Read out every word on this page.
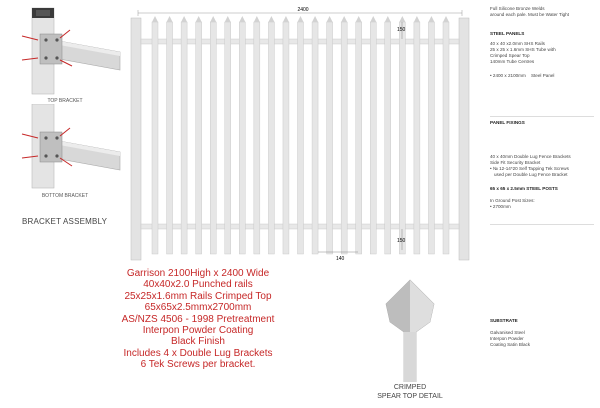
TOP BRACKET
BOTTOM BRACKET
BRACKET ASSEMBLY
2400
150
150
140
Garrison 2100High x 2400 Wide
40x40x2.0 Punched rails
25x25x1.6mm Rails Crimped Top
65x65x2.5mmx2700mm
AS/NZS 4506 - 1998 Pretreatment
Interpon Powder Coating
Black Finish
Includes 4 x Double Lug Brackets
6 Tek Screws per bracket.
CRIMPED
SPEAR TOP DETAIL
Full Silicone Bronze Welds
around each pale. Must be Water Tight
STEEL PANELS
40 x 40 x2.0mm SHS Rails
25 x 25 x 1.6mm SHS Tube with
Crimped Spear Top
140mm Tube Centres
• 2400 x 2100mm Steel Panel
PANEL FIXINGS
40 x 40mm Double Lug Fence Brackets
Side Fit Security Bracket
• № 12-14*20 Self Tapping Tek Screws
used per Double Lug Fence Bracket
65 x 65 x 2.5mm STEEL POSTS
In Ground Post Sizes:
• 2700mm
SUBSTRATE
Galvanised Steel
Interpon Powder
Coating Satin Black
